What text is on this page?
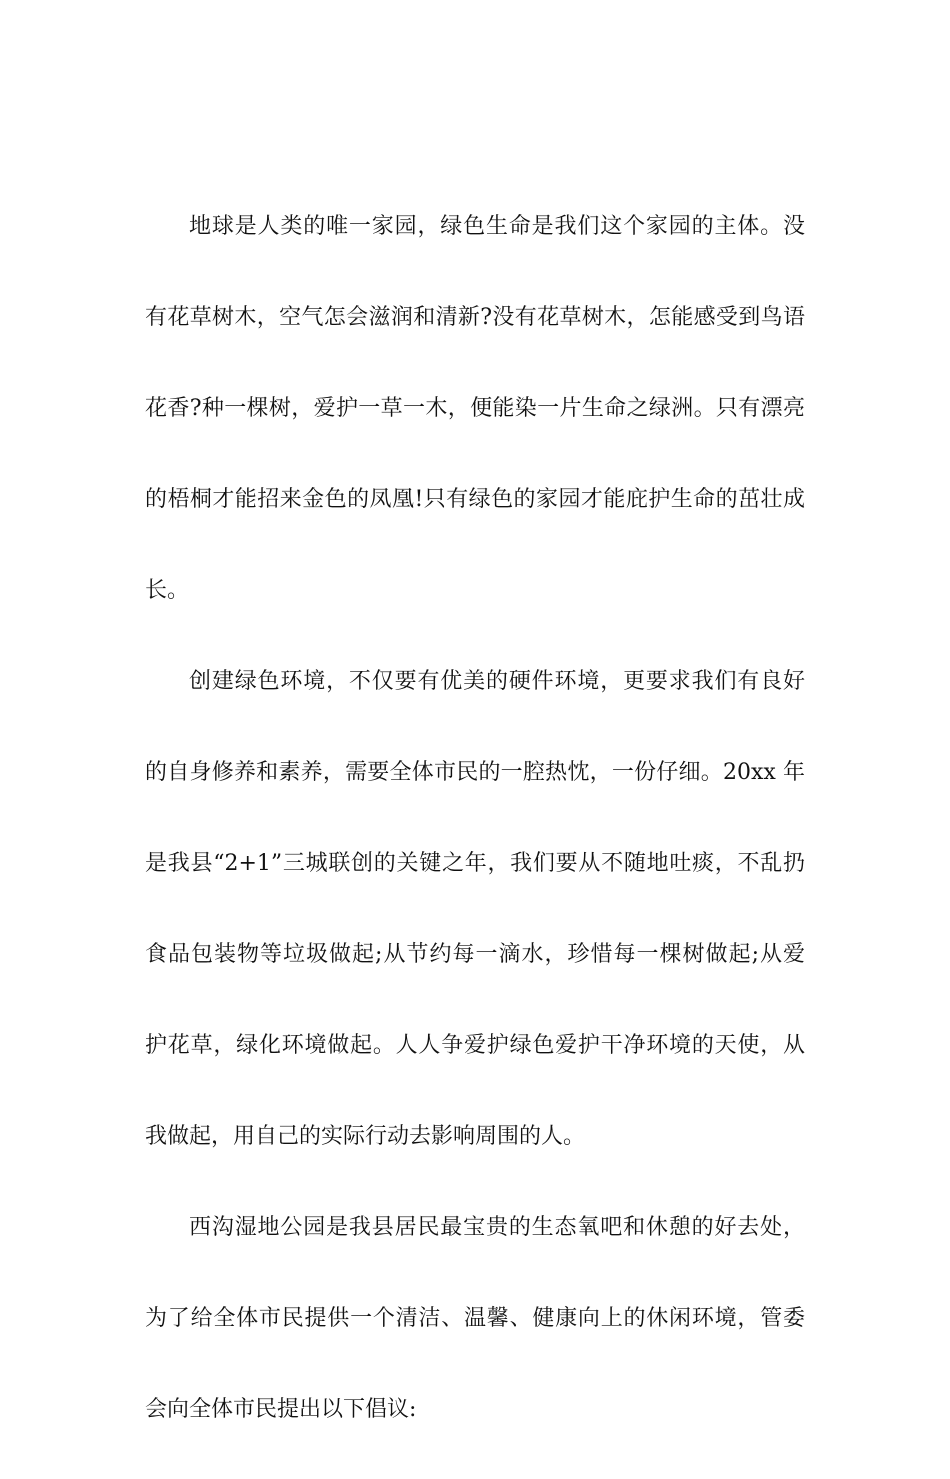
地球是人类的唯一家园，绿色生命是我们这个家园的主体。没
有花草树木，空气怎会滋润和清新?没有花草树木，怎能感受到鸟语
花香?种一棵树，爱护一草一木，便能染一片生命之绿洲。只有漂亮
的梧桐才能招来金色的凤凰!只有绿色的家园才能庇护生命的茁壮成
长。
创建绿色环境，不仅要有优美的硬件环境，更要求我们有良好
的自身修养和素养，需要全体市民的一腔热忱，一份仔细。20xx 年
是我县“2+1”三城联创的关键之年，我们要从不随地吐痰，不乱扔
食品包装物等垃圾做起;从节约每一滴水，珍惜每一棵树做起;从爱
护花草，绿化环境做起。人人争爱护绿色爱护干净环境的天使，从
我做起，用自己的实际行动去影响周围的人。
西沟湿地公园是我县居民最宝贵的生态氧吧和休憩的好去处，
为了给全体市民提供一个清洁、温馨、健康向上的休闲环境，管委
会向全体市民提出以下倡议:
